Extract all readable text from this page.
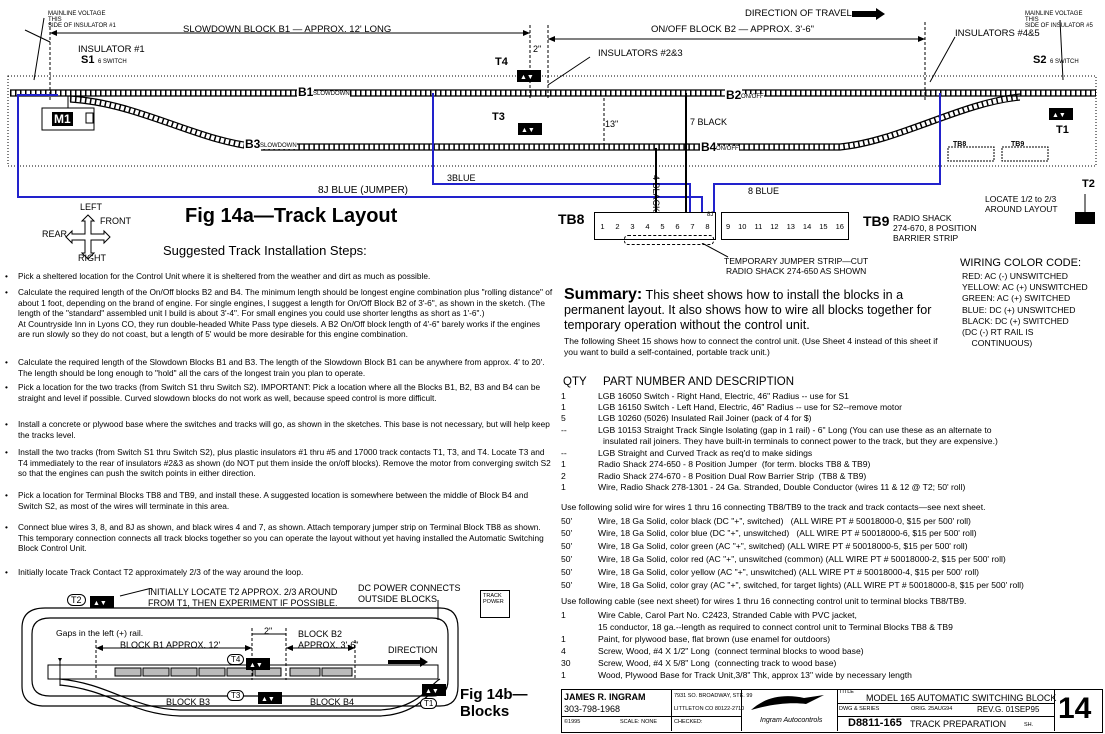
▲▼
▲▼
▲▼
MAINLINE VOLTAGE
THIS
SIDE OF INSULATOR #1
MAINLINE VOLTAGE
THIS
SIDE OF INSULATOR #5
SLOWDOWN BLOCK B1 — APPROX. 12' LONG	ON/OFF BLOCK B2 — APPROX. 3'-6"
DIRECTION OF TRAVEL
2"
INSULATOR #1	INSULATORS #2&3
INSULATORS #4&5
S1 6 SWITCH	S2 6 SWITCH
T4
T3
T1
T2
M1
B1 SLOWDOWN	B2 ON/OFF
B3 SLOWDOWN	B4 ON/OFF
13"	7 BLACK
4 BLACK
3BLUE
8 BLUE
8J BLUE (JUMPER)
TB8	TB9
LOCATE 1/2 to 2/3
AROUND LAYOUT
LEFT
FRONT
REAR
RIGHT
Fig 14a—Track Layout
Suggested Track Installation Steps:
TB8 1 2 3 4 5 6 7 8
8J
9 10 11 12 13 14 15 16 TB9 RADIO SHACK
274-670, 8 POSITION
BARRIER STRIP
TEMPORARY JUMPER STRIP—CUT
RADIO SHACK 274-650 AS SHOWN
WIRING COLOR CODE:
RED: AC (-) UNSWITCHED
YELLOW: AC (+) UNSWITCHED
GREEN: AC (+) SWITCHED
BLUE: DC (+) UNSWITCHED
BLACK: DC (+) SWITCHED
(DC (-) RT RAIL IS
CONTINUOUS)
Summary: This sheet shows how to install the blocks in a permanent layout. It also shows how to wire all blocks together for temporary operation without the control unit.
The following Sheet 15 shows how to connect the control unit. (Use Sheet 4 instead of this sheet if you want to build a self-contained, portable track unit.)
• Pick a sheltered location for the Control Unit where it is sheltered from the weather and dirt as much as possible.
• Calculate the required length of the On/Off blocks B2 and B4. The minimum length should be longest engine combination plus "rolling distance" of about 1 foot, depending on the brand of engine. For single engines, I suggest a length for On/Off Block B2 of 3'-6", as shown in the sketch. (The length of the "standard" assembled unit I build is about 3'-4". For small engines you could use shorter lengths as short as 1'-6".)
At Countryside Inn in Lyons CO, they run double-headed White Pass type diesels. A B2 On/Off block length of 4'-6" barely works if the engines are run slowly so they do not coast, but a length of 5' would be more desirable for this engine combination.
• Calculate the required length of the Slowdown Blocks B1 and B3. The length of the Slowdown Block B1 can be anywhere from approx. 4' to 20'. The length should be long enough to "hold" all the cars of the longest train you plan to operate.
• Pick a location for the two tracks (from Switch S1 thru Switch S2). IMPORTANT: Pick a location where all the Blocks B1, B2, B3 and B4 can be straight and level if possible. Curved slowdown blocks do not work as well, because speed control is more difficult.
• Install a concrete or plywood base where the switches and tracks will go, as shown in the sketches. This base is not necessary, but will help keep the tracks level.
• Install the two tracks (from Switch S1 thru Switch S2), plus plastic insulators #1 thru #5 and 17000 track contacts T1, T3, and T4. Locate T3 and T4 immediately to the rear of insulators #2&3 as shown (do NOT put them inside the on/off blocks). Remove the motor from converging switch S2 so that the engines can push the switch points in either direction.
• Pick a location for Terminal Blocks TB8 and TB9, and install these. A suggested location is somewhere between the middle of Block B4 and Switch S2, as most of the wires will terminate in this area.
• Connect blue wires 3, 8, and 8J as shown, and black wires 4 and 7, as shown. Attach temporary jumper strip on Terminal Block TB8 as shown. This temporary connection connects all track blocks together so you can operate the layout without yet having installed the Automatic Switching Block Control Unit.
• Initially locate Track Contact T2 approximately 2/3 of the way around the loop.
QTY PART NUMBER AND DESCRIPTION
1	LGB 16050 Switch - Right Hand, Electric, 46" Radius -- use for S1
1	LGB 16150 Switch - Left Hand, Electric, 46" Radius -- use for S2--remove motor
5	LGB 10260 (5026) Insulated Rail Joiner (pack of 4 for $)
--	LGB 10153 Straight Track Single Isolating (gap in 1 rail) - 6" Long (You can use these as an alternate to
insulated rail joiners. They have built-in terminals to connect power to the track, but they are expensive.)
--	LGB Straight and Curved Track as req'd to make sidings
1	Radio Shack 274-650 - 8 Position Jumper  (for term. blocks TB8 & TB9)
2	Radio Shack 274-670 - 8 Position Dual Row Barrier Strip  (TB8 & TB9)
1	Wire, Radio Shack 278-1301 - 24 Ga. Stranded, Double Conductor (wires 11 & 12 @ T2; 50' roll)
Use following solid wire for wires 1 thru 16 connecting TB8/TB9 to the track and track contacts—see next sheet.
50'	Wire, 18 Ga Solid, color black (DC "+", switched)   (ALL WIRE PT # 50018000-0, $15 per 500' roll)
50'	Wire, 18 Ga Solid, color blue (DC "+", unswitched)   (ALL WIRE PT # 50018000-6, $15 per 500' roll)
50'	Wire, 18 Ga Solid, color green (AC "+", switched) (ALL WIRE PT # 50018000-5, $15 per 500' roll)
50'	Wire, 18 Ga Solid, color red (AC "+", unswitched (common) (ALL WIRE PT # 50018000-2, $15 per 500' roll)
50'	Wire, 18 Ga Solid, color yellow (AC "+", unswitched) (ALL WIRE PT # 50018000-4, $15 per 500' roll)
50'	Wire, 18 Ga Solid, color gray (AC "+", switched, for target lights) (ALL WIRE PT # 50018000-8, $15 per 500' roll)
Use following cable (see next sheet) for wires 1 thru 16 connecting control unit to terminal blocks TB8/TB9.
1	Wire Cable, Carol Part No. C2423, Stranded Cable with PVC jacket,
15 conductor, 18 ga.--length as required to connect control unit to Terminal Blocks TB8 & TB9
1	Paint, for plywood base, flat brown (use enamel for outdoors)
4	Screw, Wood, #4 X 1/2" Long  (connect terminal blocks to wood base)
30	Screw, Wood, #4 X 5/8" Long  (connecting track to wood base)
1	Wood, Plywood Base for Track Unit,3/8" Thk, approx 13" wide by necessary length
▲▼
▲▼
▲▼
▲▼
TRACK
POWER
T2
INITIALLY LOCATE T2 APPROX. 2/3 AROUND
FROM T1, THEN EXPERIMENT IF POSSIBLE.
DC POWER CONNECTS
OUTSIDE BLOCKS
Gaps in the left (+) rail.
BLOCK B1 APPROX. 12'
2"	BLOCK B2
APPROX. 3'-6"	DIRECTION
T4
T3
T1
BLOCK B3	BLOCK B4	Fig 14b—
Blocks
JAMES R. INGRAM
303-798-1968
7931 SO. BROADWAY, STE. 99
LITTLETON CO 80122-2710
©1995	SCALE: NONE	CHECKED:	Ingram Autocontrols
TITLE
MODEL 165 AUTOMATIC SWITCHING BLOCK
DWG & SERIES	ORIG. 25AUG94	REV.G. 01SEP95
D8811-165 TRACK PREPARATION	SH. 14
